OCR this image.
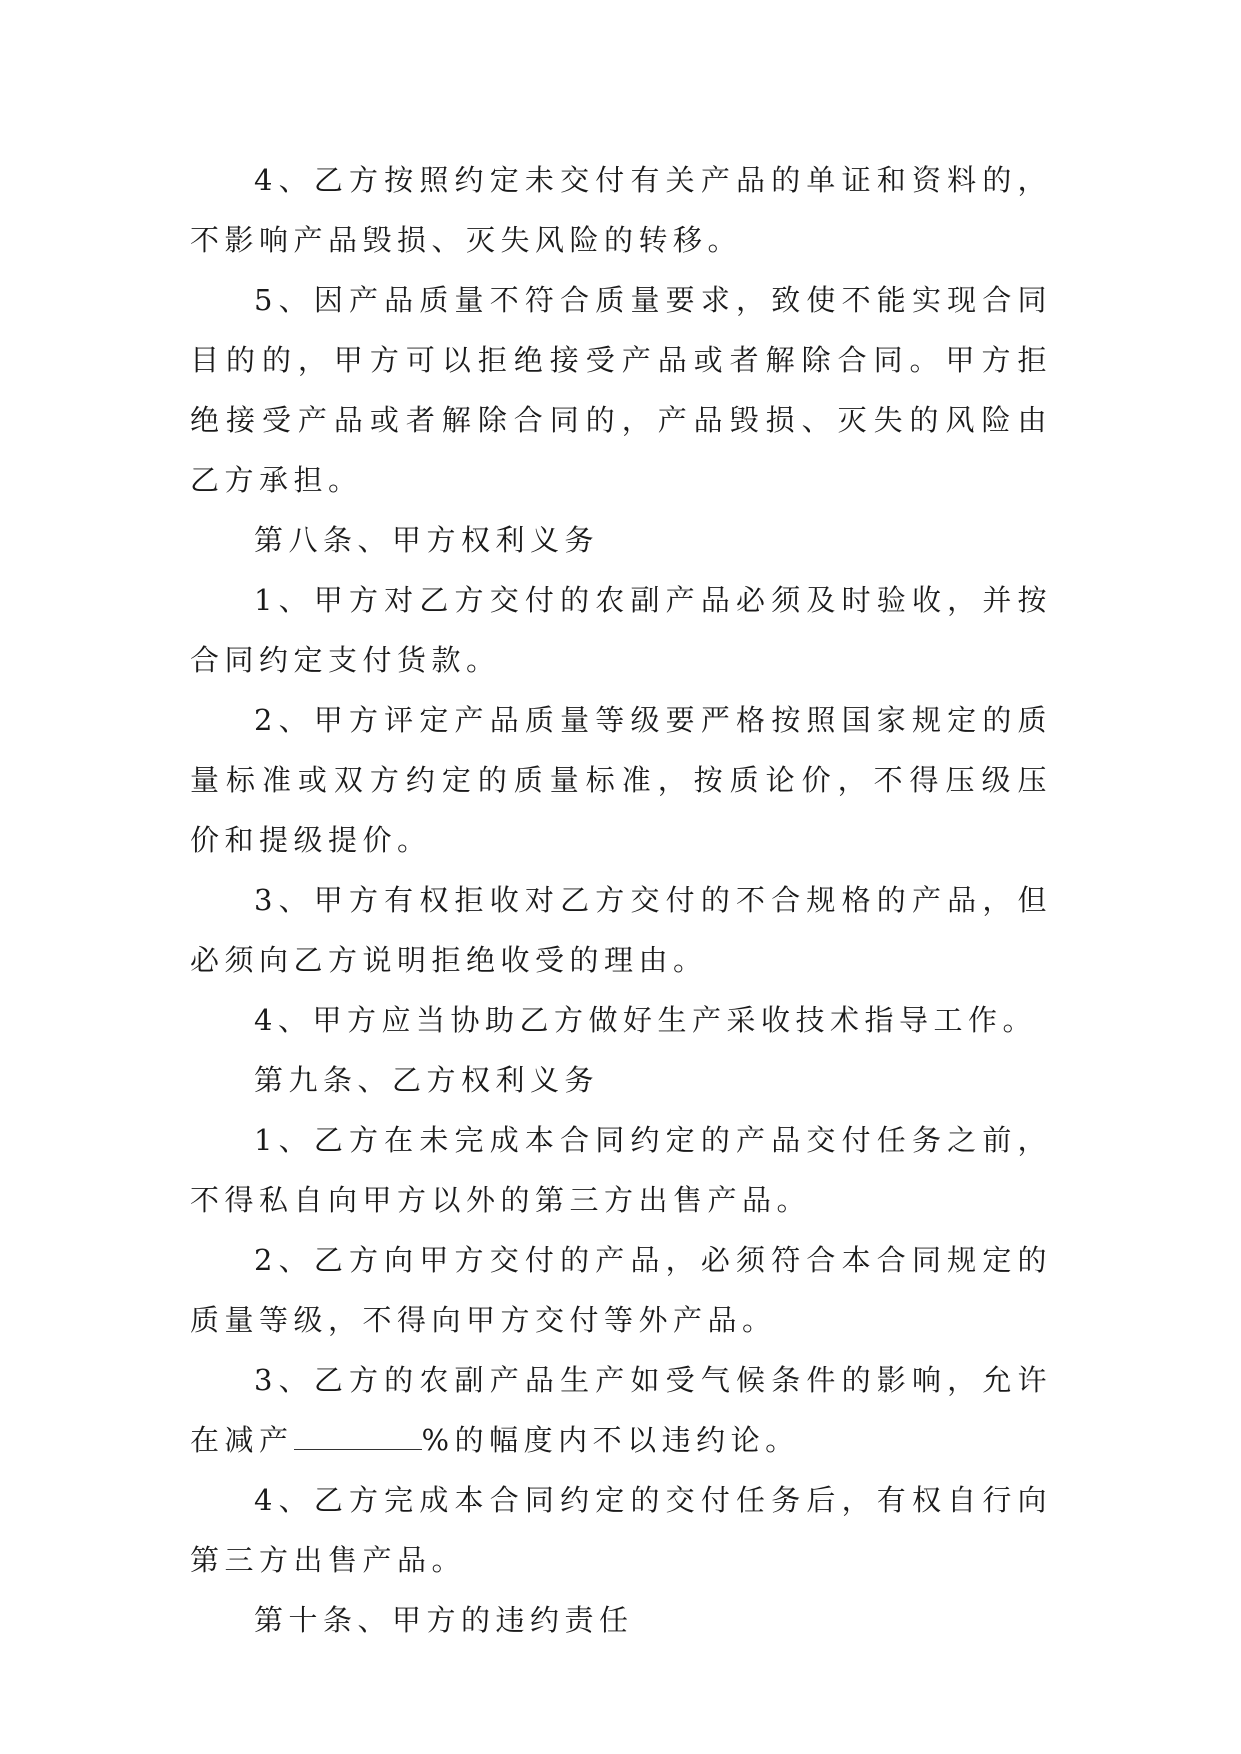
4、乙方按照约定未交付有关产品的单证和资料的，不影响产品毁损、灭失风险的转移。

5、因产品质量不符合质量要求，致使不能实现合同目的的，甲方可以拒绝接受产品或者解除合同。甲方拒绝接受产品或者解除合同的，产品毁损、灭失的风险由乙方承担。

第八条、甲方权利义务

1、甲方对乙方交付的农副产品必须及时验收，并按合同约定支付货款。

2、甲方评定产品质量等级要严格按照国家规定的质量标准或双方约定的质量标准，按质论价，不得压级压价和提级提价。

3、甲方有权拒收对乙方交付的不合规格的产品，但必须向乙方说明拒绝收受的理由。

4、甲方应当协助乙方做好生产采收技术指导工作。

第九条、乙方权利义务

1、乙方在未完成本合同约定的产品交付任务之前，不得私自向甲方以外的第三方出售产品。

2、乙方向甲方交付的产品，必须符合本合同规定的质量等级，不得向甲方交付等外产品。

3、乙方的农副产品生产如受气候条件的影响，允许在减产	%的幅度内不以违约论。

4、乙方完成本合同约定的交付任务后，有权自行向第三方出售产品。

第十条、甲方的违约责任
